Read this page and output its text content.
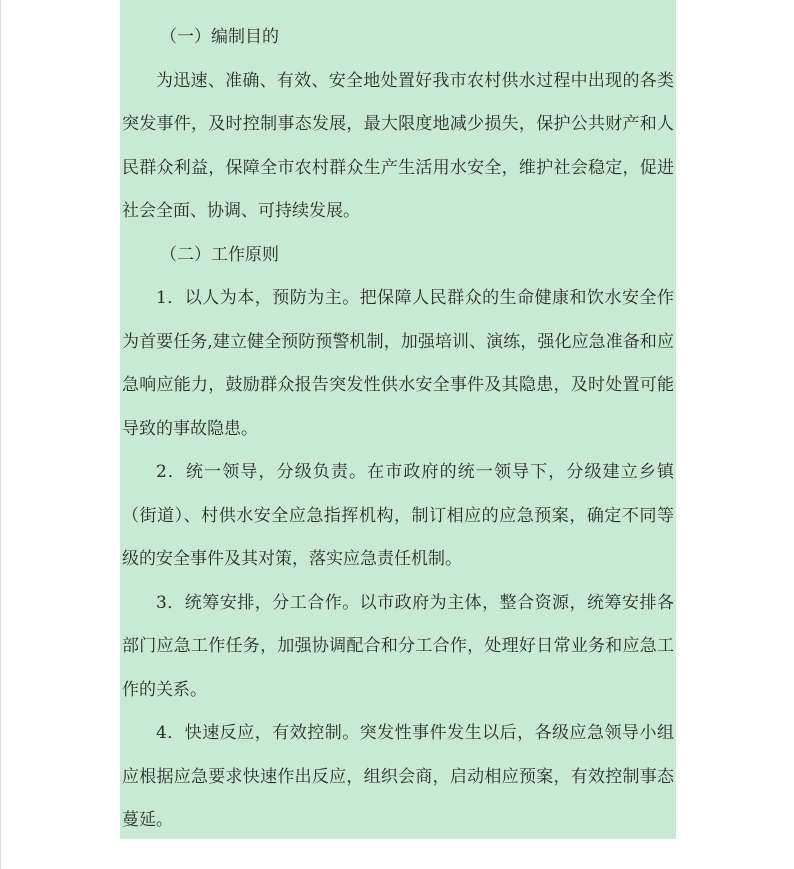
（一）编制目的

为迅速、准确、有效、安全地处置好我市农村供水过程中出现的各类突发事件，及时控制事态发展，最大限度地减少损失，保护公共财产和人民群众利益，保障全市农村群众生产生活用水安全，维护社会稳定，促进社会全面、协调、可持续发展。

（二）工作原则

1．以人为本，预防为主。把保障人民群众的生命健康和饮水安全作为首要任务,建立健全预防预警机制，加强培训、演练，强化应急准备和应急响应能力，鼓励群众报告突发性供水安全事件及其隐患，及时处置可能导致的事故隐患。

2．统一领导，分级负责。在市政府的统一领导下，分级建立乡镇（街道）、村供水安全应急指挥机构，制订相应的应急预案，确定不同等级的安全事件及其对策，落实应急责任机制。

3．统筹安排，分工合作。以市政府为主体，整合资源，统筹安排各部门应急工作任务，加强协调配合和分工合作，处理好日常业务和应急工作的关系。

4．快速反应，有效控制。突发性事件发生以后，各级应急领导小组应根据应急要求快速作出反应，组织会商，启动相应预案，有效控制事态蔓延。
